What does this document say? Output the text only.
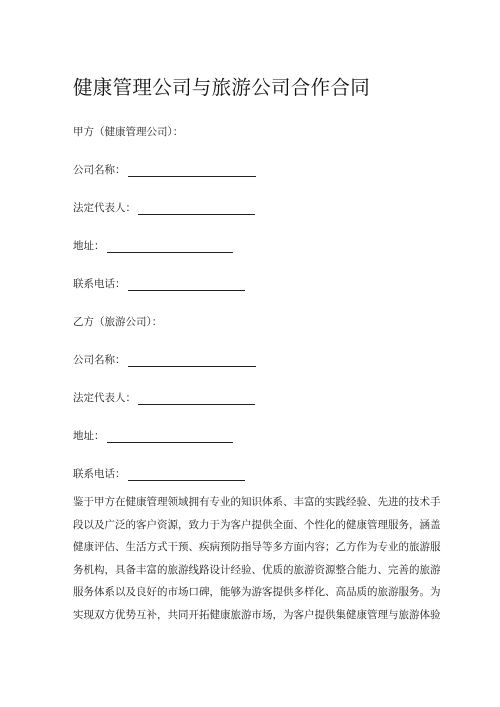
健康管理公司与旅游公司合作合同
甲方（健康管理公司）：
公司名称：
法定代表人：
地址：
联系电话：
乙方（旅游公司）：
公司名称：
法定代表人：
地址：
联系电话：
鉴于甲方在健康管理领域拥有专业的知识体系、丰富的实践经验、先进的技术手
段以及广泛的客户资源，致力于为客户提供全面、个性化的健康管理服务，涵盖
健康评估、生活方式干预、疾病预防指导等多方面内容；乙方作为专业的旅游服
务机构，具备丰富的旅游线路设计经验、优质的旅游资源整合能力、完善的旅游
服务体系以及良好的市场口碑，能够为游客提供多样化、高品质的旅游服务。为
实现双方优势互补，共同开拓健康旅游市场，为客户提供集健康管理与旅游体验
